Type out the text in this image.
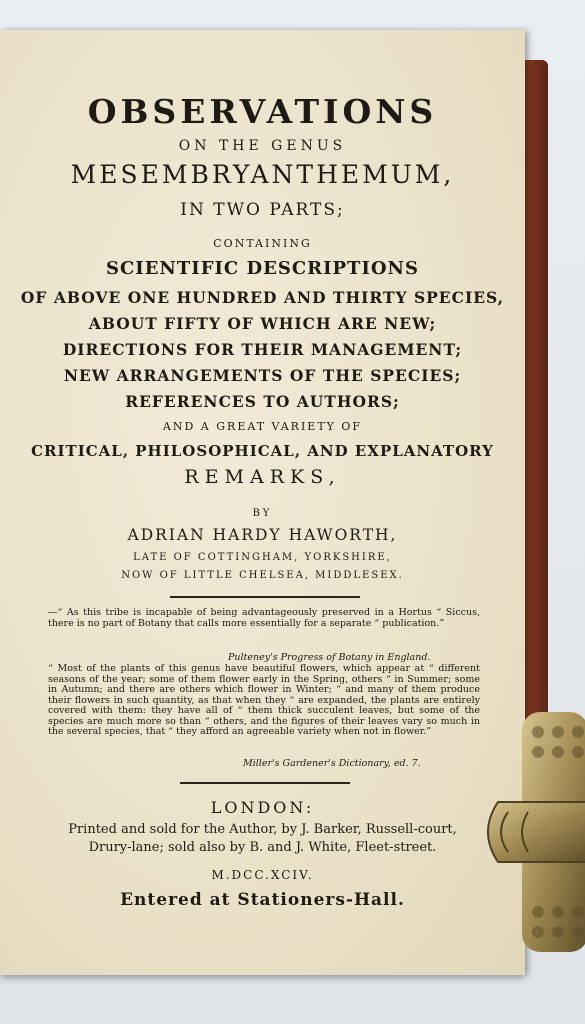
OBSERVATIONS
ON THE GENUS
MESEMBRYANTHEMUM,
IN TWO PARTS;
CONTAINING
SCIENTIFIC DESCRIPTIONS
OF ABOVE ONE HUNDRED AND THIRTY SPECIES,
ABOUT FIFTY OF WHICH ARE NEW;
DIRECTIONS FOR THEIR MANAGEMENT;
NEW ARRANGEMENTS OF THE SPECIES;
REFERENCES TO AUTHORS;
AND A GREAT VARIETY OF
CRITICAL, PHILOSOPHICAL, AND EXPLANATORY
REMARKS,
BY
ADRIAN HARDY HAWORTH,
LATE OF COTTINGHAM, YORKSHIRE,
NOW OF LITTLE CHELSEA, MIDDLESEX.
—“ As this tribe is incapable of being advantageously preserved in a Hortus “ Siccus, there is no part of Botany that calls more essentially for a separate “ publication.”
Pulteney's Progress of Botany in England.
“ Most of the plants of this genus have beautiful flowers, which appear at “ different seasons of the year; some of them flower early in the Spring, others “ in Summer; some in Autumn; and there are others which flower in Winter; “ and many of them produce their flowers in such quantity, as that when they “ are expanded, the plants are entirely covered with them: they have all of “ them thick succulent leaves, but some of the species are much more so than “ others, and the figures of their leaves vary so much in the several species, that “ they afford an agreeable variety when not in flower.”
Miller's Gardener's Dictionary, ed. 7.
LONDON:
Printed and sold for the Author, by J. Barker, Russell-court,
Drury-lane; sold also by B. and J. White, Fleet-street.
M.DCC.XCIV.
Entered at Stationers-Hall.
